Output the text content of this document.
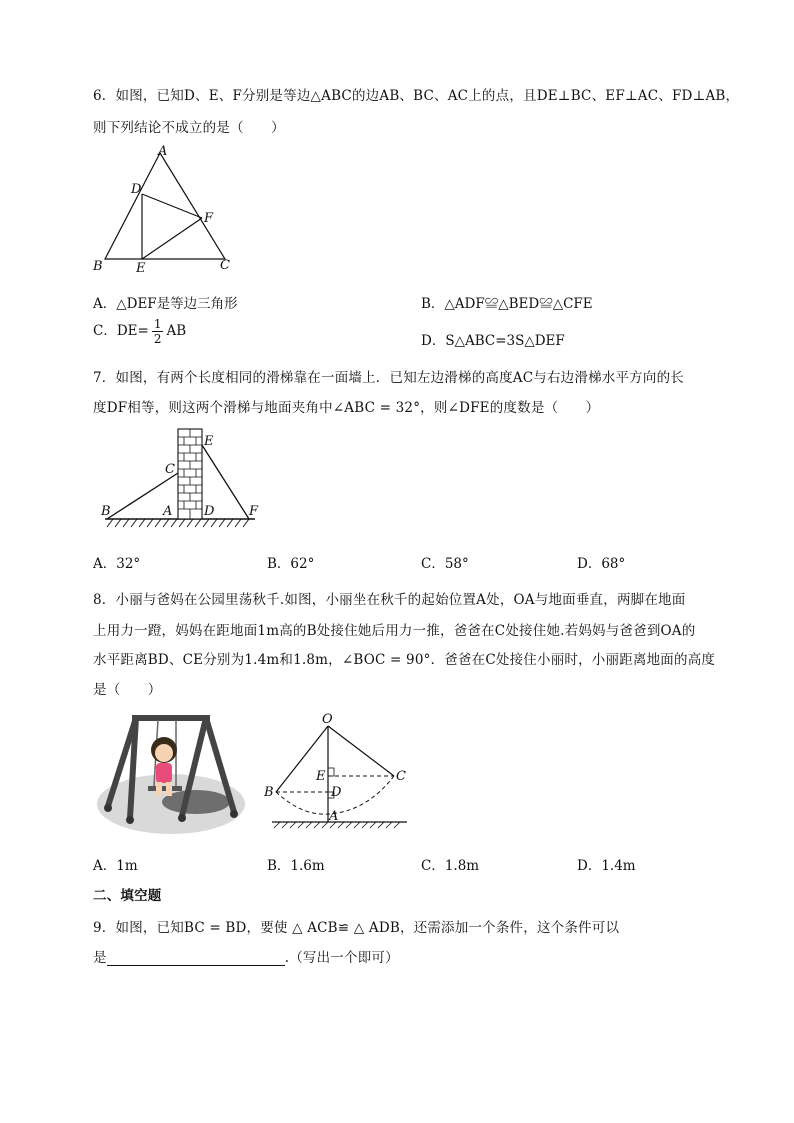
6．如图，已知D、E、F分别是等边△ABC的边AB、BC、AC上的点，且DE⊥BC、EF⊥AC、FD⊥AB，
则下列结论不成立的是（　　）
A
B	C
D
E
F
A．△DEF是等边三角形	B．△ADF≌△BED≌△CFE
C．$DE= \frac{1}{2}$ AB
D．S△ABC=3S△DEF
7．如图，有两个长度相同的滑梯靠在一面墙上．已知左边滑梯的高度AC与右边滑梯水平方向的长
度DF相等，则这两个滑梯与地面夹角中∠ABC = 32°，则∠DFE的度数是（　　）
B
C
A D
E
F
A．32°	B．62°	C．58°	D．68°
8．小丽与爸妈在公园里荡秋千.如图，小丽坐在秋千的起始位置A处，OA与地面垂直，两脚在地面
上用力一蹬，妈妈在距地面1m高的B处接住她后用力一推，爸爸在C处接住她.若妈妈与爸爸到OA的
水平距离BD、CE分别为1.4m和1.8m，∠BOC = 90°．爸爸在C处接住小丽时，小丽距离地面的高度
是（　　）
O
E	C
B	D
A
A．1m	B．1.6m	C．1.8m	D．1.4m
二、填空题
9．如图，已知BC = BD，要使 △ ACB≌ △ ADB，还需添加一个条件，这个条件可以
是	.（写出一个即可）
